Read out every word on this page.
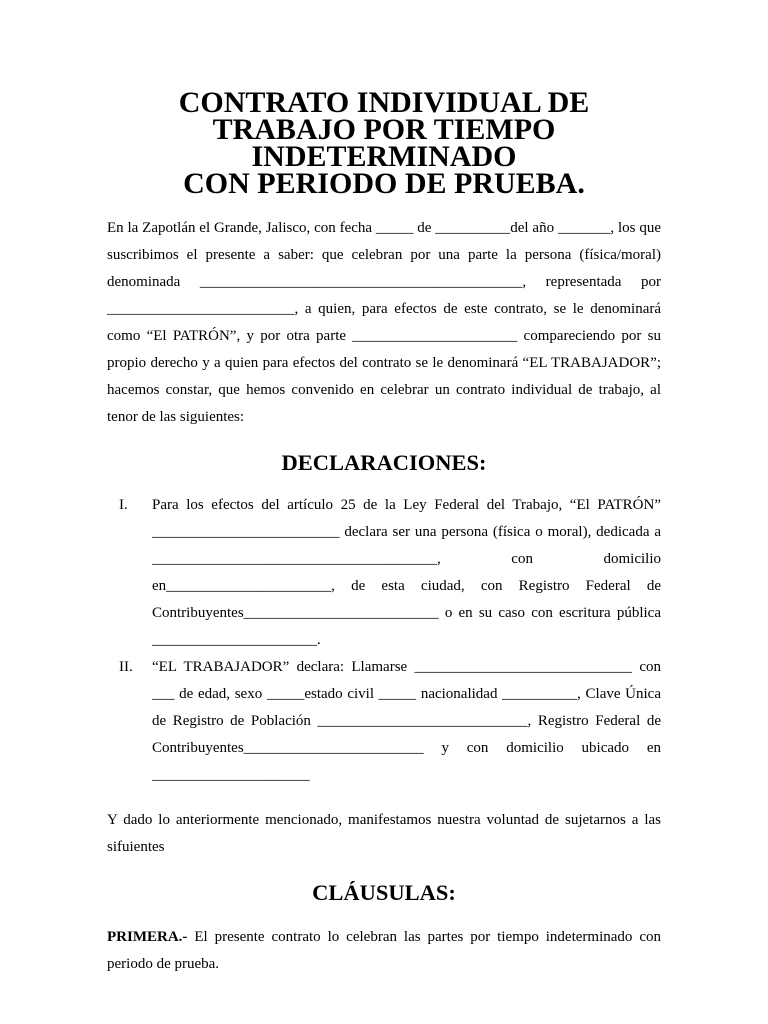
CONTRATO INDIVIDUAL DE TRABAJO POR TIEMPO INDETERMINADO
CON PERIODO DE PRUEBA.

En la Zapotlán el Grande, Jalisco, con fecha _____ de __________del año _______, los que suscribimos el presente a saber: que celebran por una parte la persona (física/moral) denominada ___________________________________________, representada por _________________________, a quien, para efectos de este contrato, se le denominará como “El PATRÓN”, y por otra parte ______________________ compareciendo por su propio derecho y a quien para efectos del contrato se le denominará “EL TRABAJADOR”; hacemos constar, que hemos convenido en celebrar un contrato individual de trabajo, al tenor de las siguientes:

DECLARACIONES:
I.	Para los efectos del artículo 25 de la Ley Federal del Trabajo, “El PATRÓN” _________________________ declara ser una persona (física o moral), dedicada a ______________________________________, con domicilio en______________________, de esta ciudad, con Registro Federal de Contribuyentes__________________________ o en su caso con escritura pública ______________________.
II.	“EL TRABAJADOR” declara: Llamarse _____________________________ con ___ de edad, sexo _____estado civil _____ nacionalidad __________, Clave Única de Registro de Población ____________________________, Registro Federal de Contribuyentes________________________ y con domicilio ubicado en _____________________

Y dado lo anteriormente mencionado, manifestamos nuestra voluntad de sujetarnos a las sifuientes

CLÁUSULAS:

PRIMERA.- El presente contrato lo celebran las partes por tiempo indeterminado con periodo de prueba.
